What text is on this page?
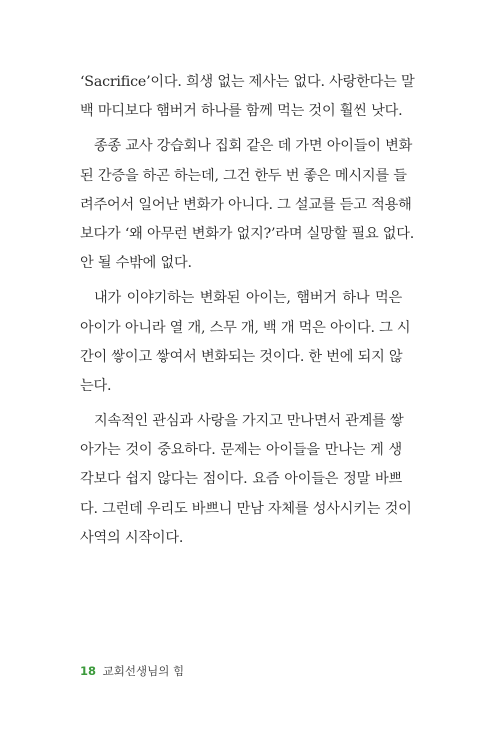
‘Sacrifice’이다. 희생 없는 제사는 없다. 사랑한다는 말
백 마디보다 햄버거 하나를 함께 먹는 것이 훨씬 낫다.
종종 교사 강습회나 집회 같은 데 가면 아이들이 변화
된 간증을 하곤 하는데, 그건 한두 번 좋은 메시지를 들
려주어서 일어난 변화가 아니다. 그 설교를 듣고 적용해
보다가 ‘왜 아무런 변화가 없지?’라며 실망할 필요 없다.
안 될 수밖에 없다.
내가 이야기하는 변화된 아이는, 햄버거 하나 먹은
아이가 아니라 열 개, 스무 개, 백 개 먹은 아이다. 그 시
간이 쌓이고 쌓여서 변화되는 것이다. 한 번에 되지 않
는다.
지속적인 관심과 사랑을 가지고 만나면서 관계를 쌓
아가는 것이 중요하다. 문제는 아이들을 만나는 게 생
각보다 쉽지 않다는 점이다. 요즘 아이들은 정말 바쁘
다. 그런데 우리도 바쁘니 만남 자체를 성사시키는 것이
사역의 시작이다.
18 교회선생님의 힘
